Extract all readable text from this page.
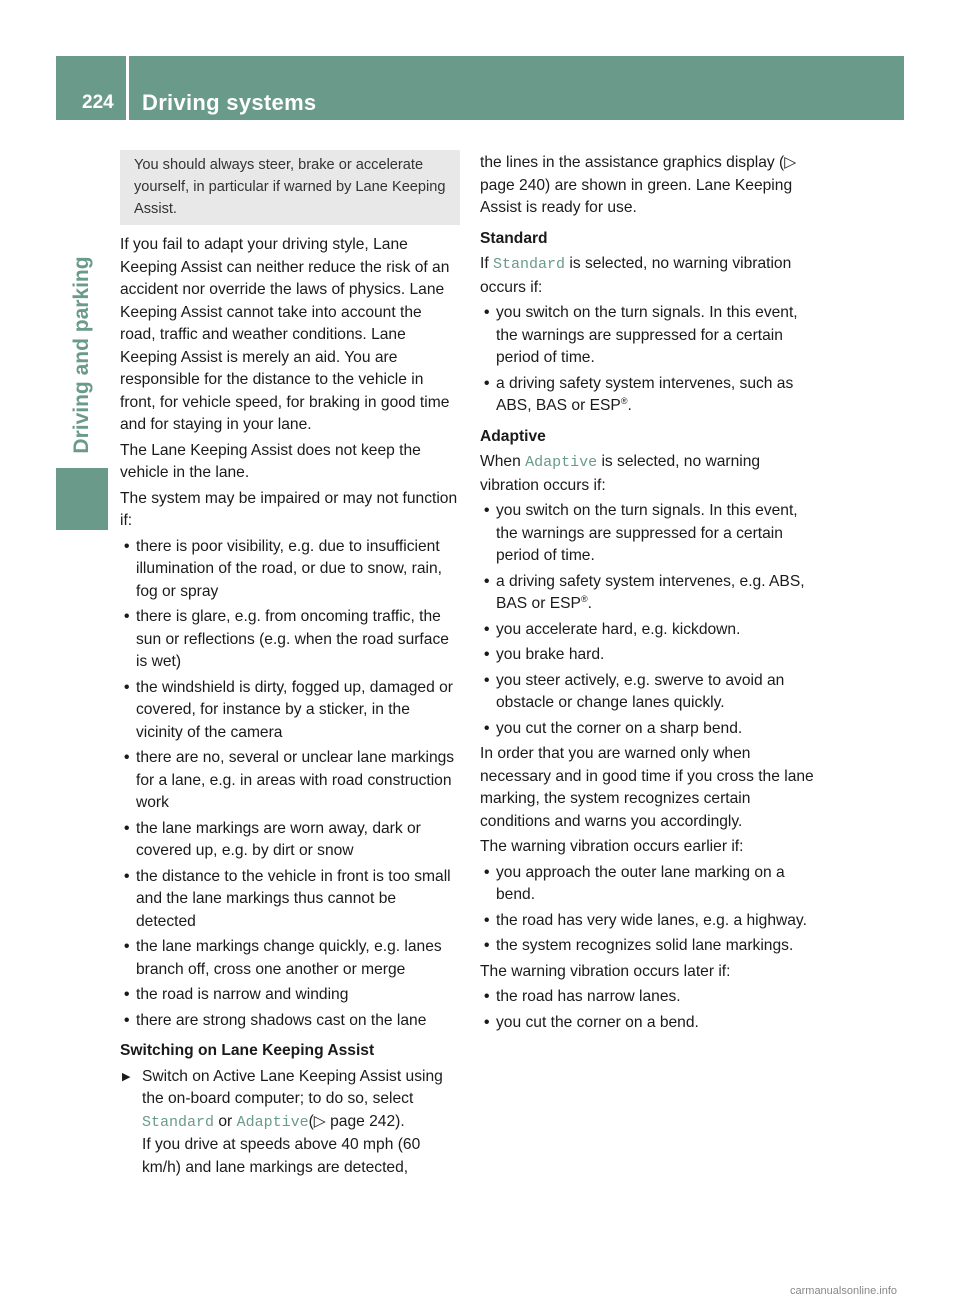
224 Driving systems
Driving and parking
You should always steer, brake or accelerate yourself, in particular if warned by Lane Keeping Assist.

If you fail to adapt your driving style, Lane Keeping Assist can neither reduce the risk of an accident nor override the laws of physics. Lane Keeping Assist cannot take into account the road, traffic and weather conditions. Lane Keeping Assist is merely an aid. You are responsible for the distance to the vehicle in front, for vehicle speed, for braking in good time and for staying in your lane.

The Lane Keeping Assist does not keep the vehicle in the lane.

The system may be impaired or may not function if:

• there is poor visibility, e.g. due to insufficient illumination of the road, or due to snow, rain, fog or spray
• there is glare, e.g. from oncoming traffic, the sun or reflections (e.g. when the road surface is wet)
• the windshield is dirty, fogged up, damaged or covered, for instance by a sticker, in the vicinity of the camera
• there are no, several or unclear lane markings for a lane, e.g. in areas with road construction work
• the lane markings are worn away, dark or covered up, e.g. by dirt or snow
• the distance to the vehicle in front is too small and the lane markings thus cannot be detected
• the lane markings change quickly, e.g. lanes branch off, cross one another or merge
• the road is narrow and winding
• there are strong shadows cast on the lane
Switching on Lane Keeping Assist
▶ Switch on Active Lane Keeping Assist using the on-board computer; to do so, select Standard or Adaptive(▷ page 242).
If you drive at speeds above 40 mph (60 km/h) and lane markings are detected,

the lines in the assistance graphics display (▷ page 240) are shown in green. Lane Keeping Assist is ready for use.

Standard

If Standard is selected, no warning vibration occurs if:

• you switch on the turn signals. In this event, the warnings are suppressed for a certain period of time.
• a driving safety system intervenes, such as ABS, BAS or ESP®.
Adaptive

When Adaptive is selected, no warning vibration occurs if:

• you switch on the turn signals. In this event, the warnings are suppressed for a certain period of time.
• a driving safety system intervenes, e.g. ABS, BAS or ESP®.
• you accelerate hard, e.g. kickdown.
• you brake hard.
• you steer actively, e.g. swerve to avoid an obstacle or change lanes quickly.
• you cut the corner on a sharp bend.

In order that you are warned only when necessary and in good time if you cross the lane marking, the system recognizes certain conditions and warns you accordingly.

The warning vibration occurs earlier if:

• you approach the outer lane marking on a bend.
• the road has very wide lanes, e.g. a highway.
• the system recognizes solid lane markings.

The warning vibration occurs later if:

• the road has narrow lanes.
• you cut the corner on a bend.
carmanualsonline.info
